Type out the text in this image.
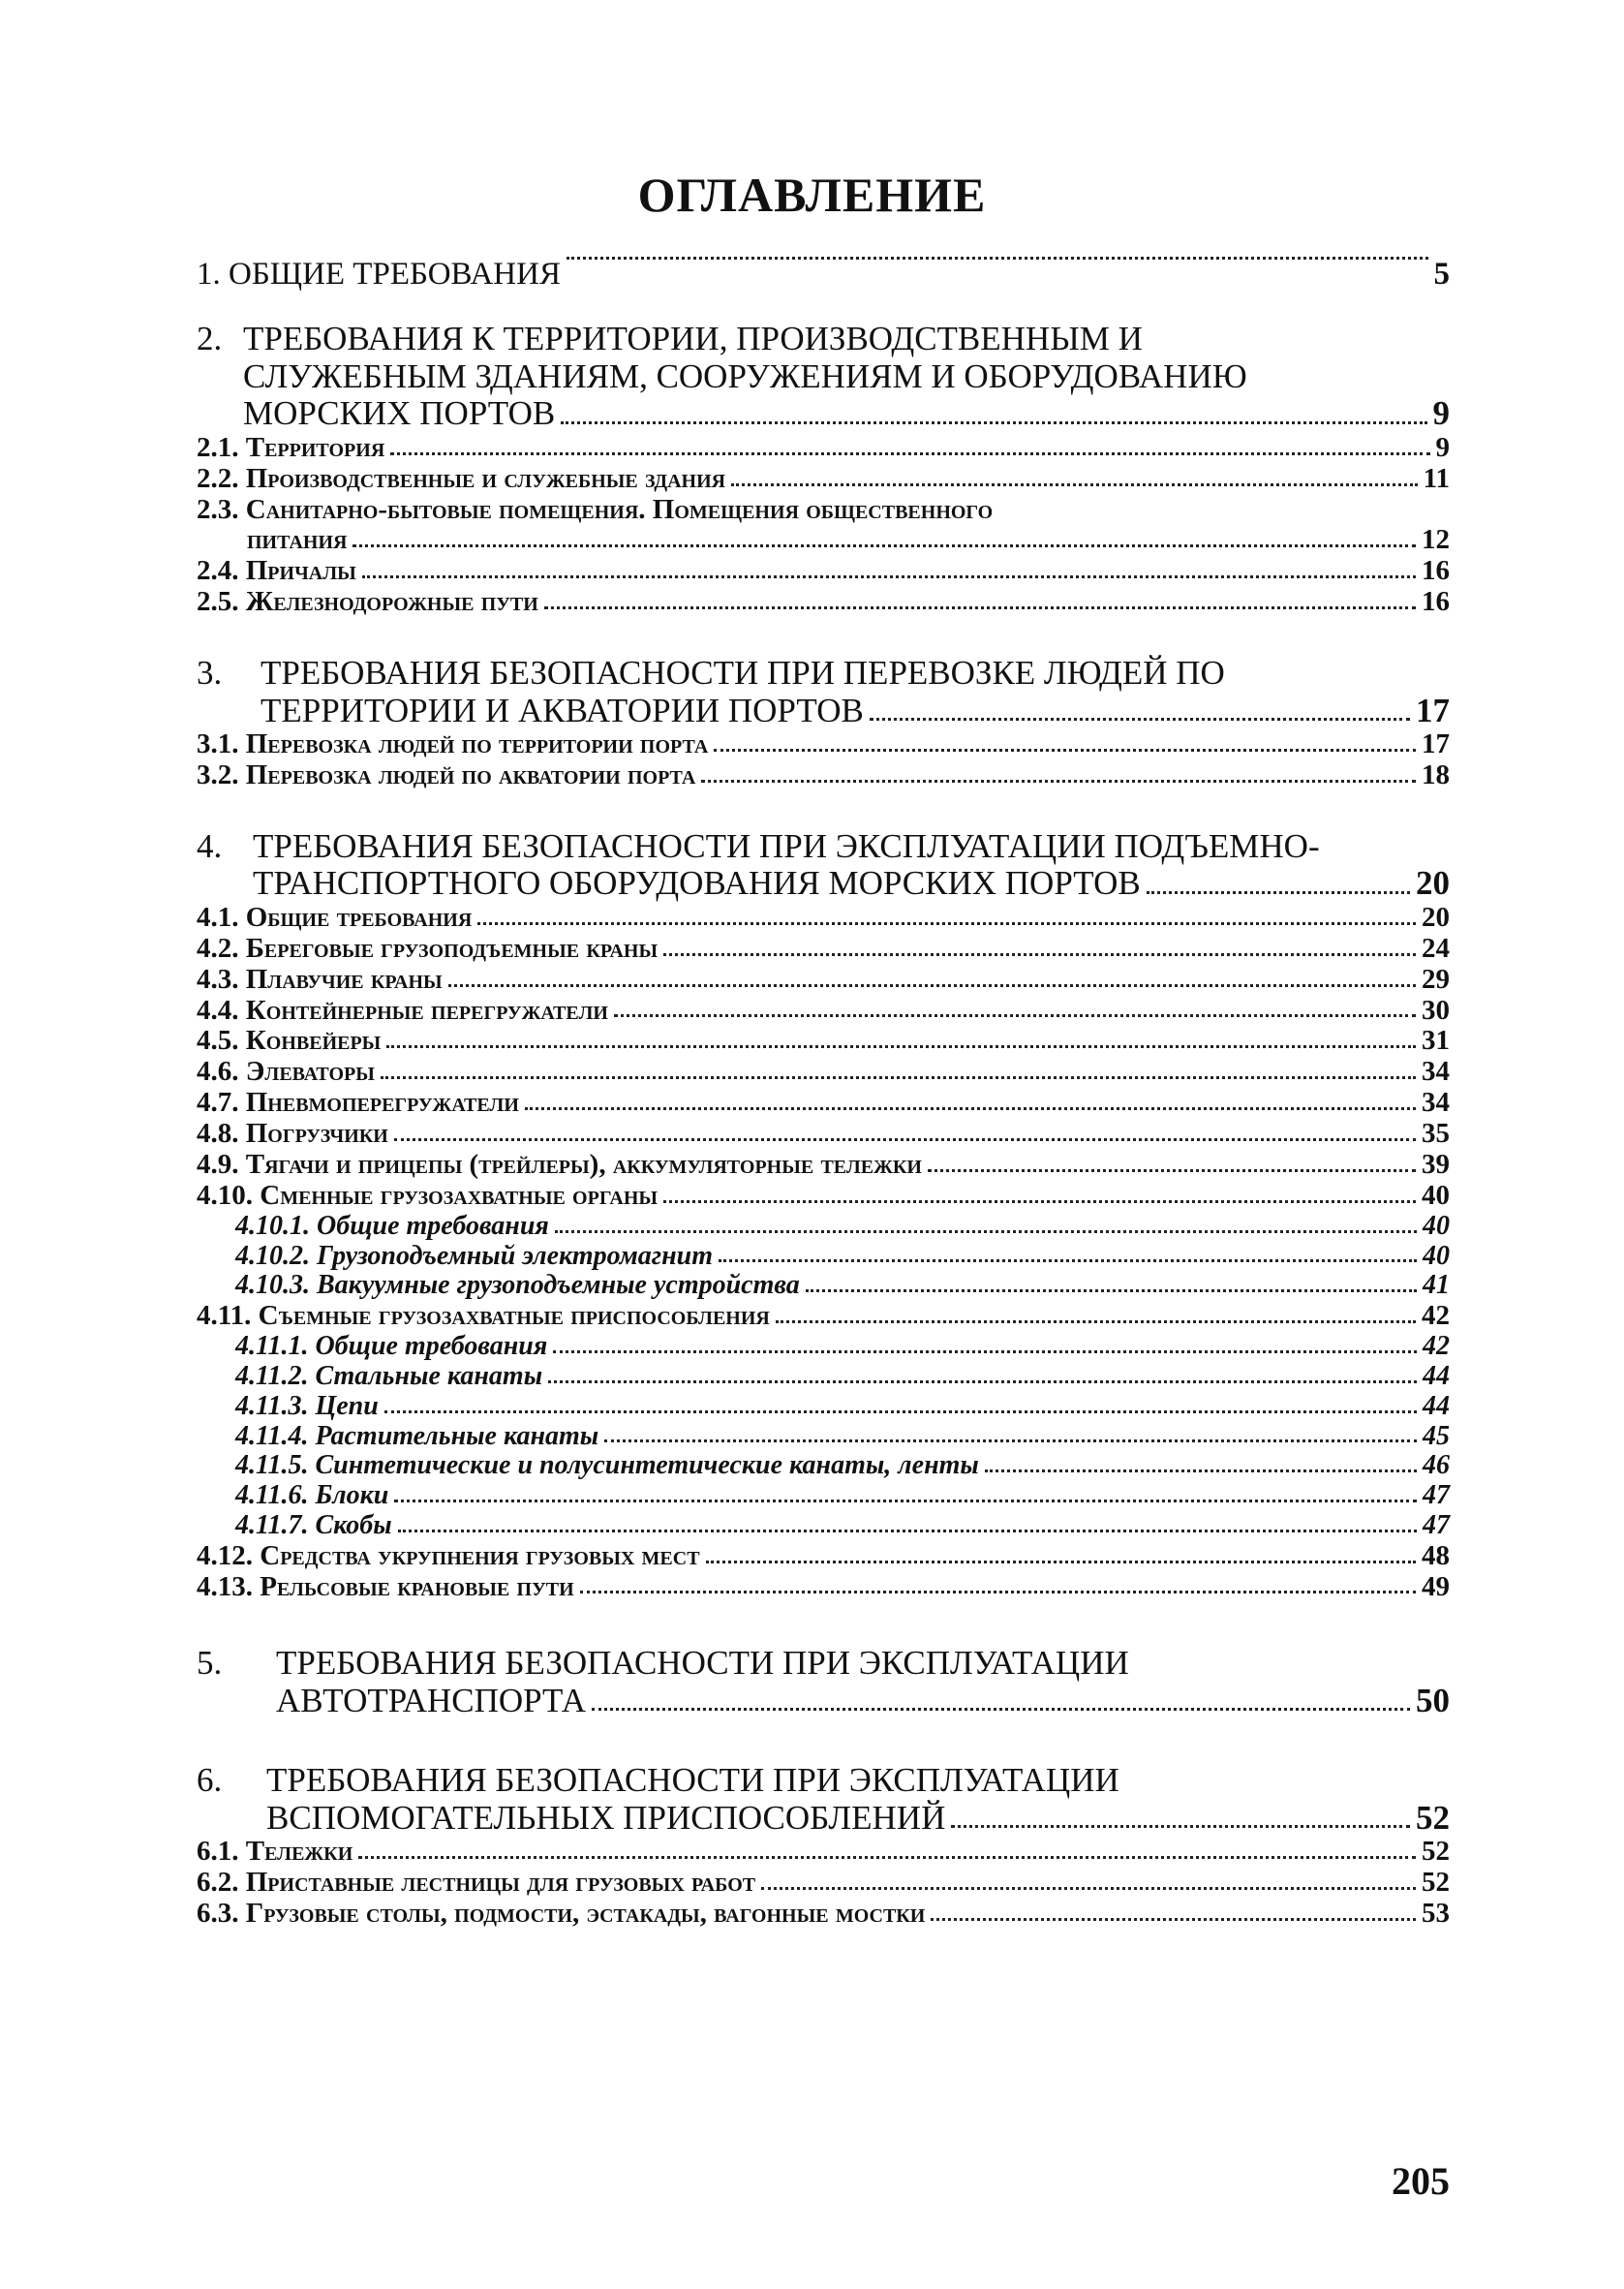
ОГЛАВЛЕНИЕ
1. ОБЩИЕ ТРЕБОВАНИЯ	5
2. ТРЕБОВАНИЯ К ТЕРРИТОРИИ, ПРОИЗВОДСТВЕННЫМ И
СЛУЖЕБНЫМ ЗДАНИЯМ, СООРУЖЕНИЯМ И ОБОРУДОВАНИЮ
МОРСКИХ ПОРТОВ	9
2.1. Территория	9
2.2. Производственные и служебные здания	11
2.3. Санитарно-бытовые помещения. Помещения общественного
питания	12
2.4. Причалы	16
2.5. Железнодорожные пути	16
3. ТРЕБОВАНИЯ БЕЗОПАСНОСТИ ПРИ ПЕРЕВОЗКЕ ЛЮДЕЙ ПО
ТЕРРИТОРИИ И АКВАТОРИИ ПОРТОВ	17
3.1. Перевозка людей по территории порта	17
3.2. Перевозка людей по акватории порта	18
4. ТРЕБОВАНИЯ БЕЗОПАСНОСТИ ПРИ ЭКСПЛУАТАЦИИ ПОДЪЕМНО-
ТРАНСПОРТНОГО ОБОРУДОВАНИЯ МОРСКИХ ПОРТОВ	20
4.1. Общие требования	20
4.2. Береговые грузоподъемные краны	24
4.3. Плавучие краны	29
4.4. Контейнерные перегружатели	30
4.5. Конвейеры	31
4.6. Элеваторы	34
4.7. Пневмоперегружатели	34
4.8. Погрузчики	35
4.9. Тягачи и прицепы (трейлеры), аккумуляторные тележки	39
4.10. Сменные грузозахватные органы	40
4.10.1. Общие требования	40
4.10.2. Грузоподъемный электромагнит	40
4.10.3. Вакуумные грузоподъемные устройства	41
4.11. Съемные грузозахватные приспособления	42
4.11.1. Общие требования	42
4.11.2. Стальные канаты	44
4.11.3. Цепи	44
4.11.4. Растительные канаты	45
4.11.5. Синтетические и полусинтетические канаты, ленты	46
4.11.6. Блоки	47
4.11.7. Скобы	47
4.12. Средства укрупнения грузовых мест	48
4.13. Рельсовые крановые пути	49
5. ТРЕБОВАНИЯ БЕЗОПАСНОСТИ ПРИ ЭКСПЛУАТАЦИИ
АВТОТРАНСПОРТА	50
6. ТРЕБОВАНИЯ БЕЗОПАСНОСТИ ПРИ ЭКСПЛУАТАЦИИ
ВСПОМОГАТЕЛЬНЫХ ПРИСПОСОБЛЕНИЙ	52
6.1. Тележки	52
6.2. Приставные лестницы для грузовых работ	52
6.3. Грузовые столы, подмости, эстакады, вагонные мостки	53
205
